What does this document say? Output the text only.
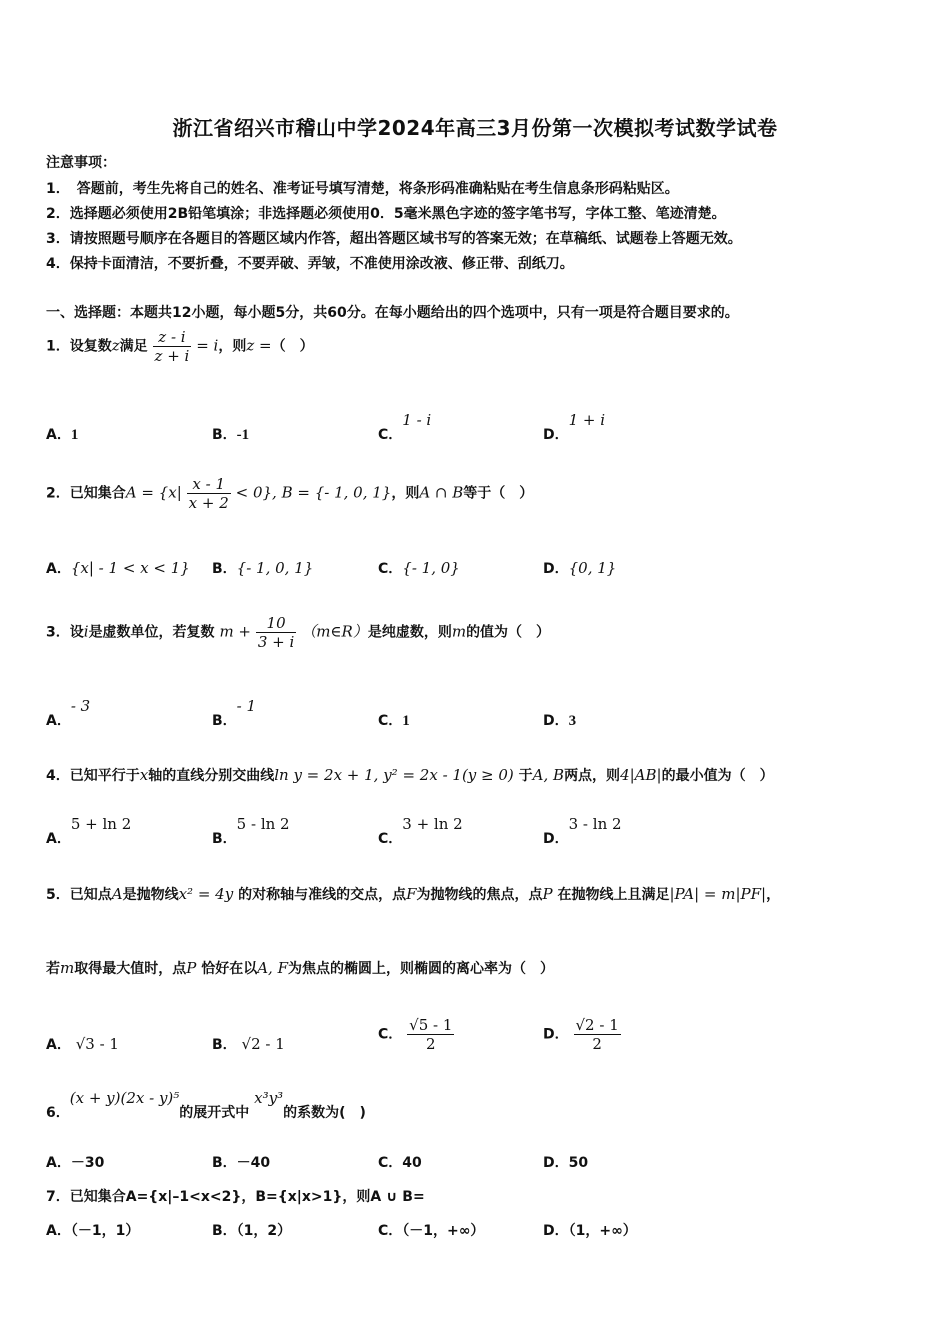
浙江省绍兴市稽山中学2024年高三3月份第一次模拟考试数学试卷
注意事项：
1．　答题前，考生先将自己的姓名、准考证号填写清楚，将条形码准确粘贴在考生信息条形码粘贴区。
2．选择题必须使用2B铅笔填涂；非选择题必须使用0．5毫米黑色字迹的签字笔书写，字体工整、笔迹清楚。
3．请按照题号顺序在各题目的答题区域内作答，超出答题区域书写的答案无效；在草稿纸、试题卷上答题无效。
4．保持卡面清洁，不要折叠，不要弄破、弄皱，不准使用涂改液、修正带、刮纸刀。
一、选择题：本题共12小题，每小题5分，共60分。在每小题给出的四个选项中，只有一项是符合题目要求的。
1．设复数z满足 $\frac{z - i}{z + i} = i$，则z =（　）
A．1	B．-1	C．1 - i
D．1 + i
2．已知集合$A = \{x| \frac{x - 1}{x + 2} < 0\}$, B = {- 1, 0, 1}，则A ∩ B等于（　）
A．{x| - 1 < x < 1} B．{- 1, 0, 1}	C．{- 1, 0}	D．{0, 1}
3．设i是虚数单位，若复数 $m + \frac{10}{3 + i}$ （m∈R）是纯虚数，则m的值为（　）
A．- 3
B．- 1
C．1	D．3
4．已知平行于x轴的直线分别交曲线ln y = 2x + 1, y² = 2x - 1(y ≥ 0) 于A, B两点，则4|AB|的最小值为（　）
A．5 + ln 2
B．5 - ln 2
C．3 + ln 2
D．3 - ln 2
5．已知点A是抛物线x² = 4y 的对称轴与准线的交点，点F为抛物线的焦点，点P 在抛物线上且满足|PA| = m|PF|，
若m取得最大值时，点P 恰好在以A, F为焦点的椭圆上，则椭圆的离心率为（　）
A． √3 - 1	B． √2 - 1
C． $\frac{√5 - 1}{2}$	D． $\frac{√2 - 1}{2}$
6．(x + y)(2x - y)⁵的展开式中 x³y³的系数为(　)
A．－30	B．－40	C．40	D．50
7．已知集合A={x|–1<x<2}，B={x|x>1}，则A ∪ B=
A．（－1，1）	B．（1，2）	C．（－1，+∞）	D．（1，+∞）
